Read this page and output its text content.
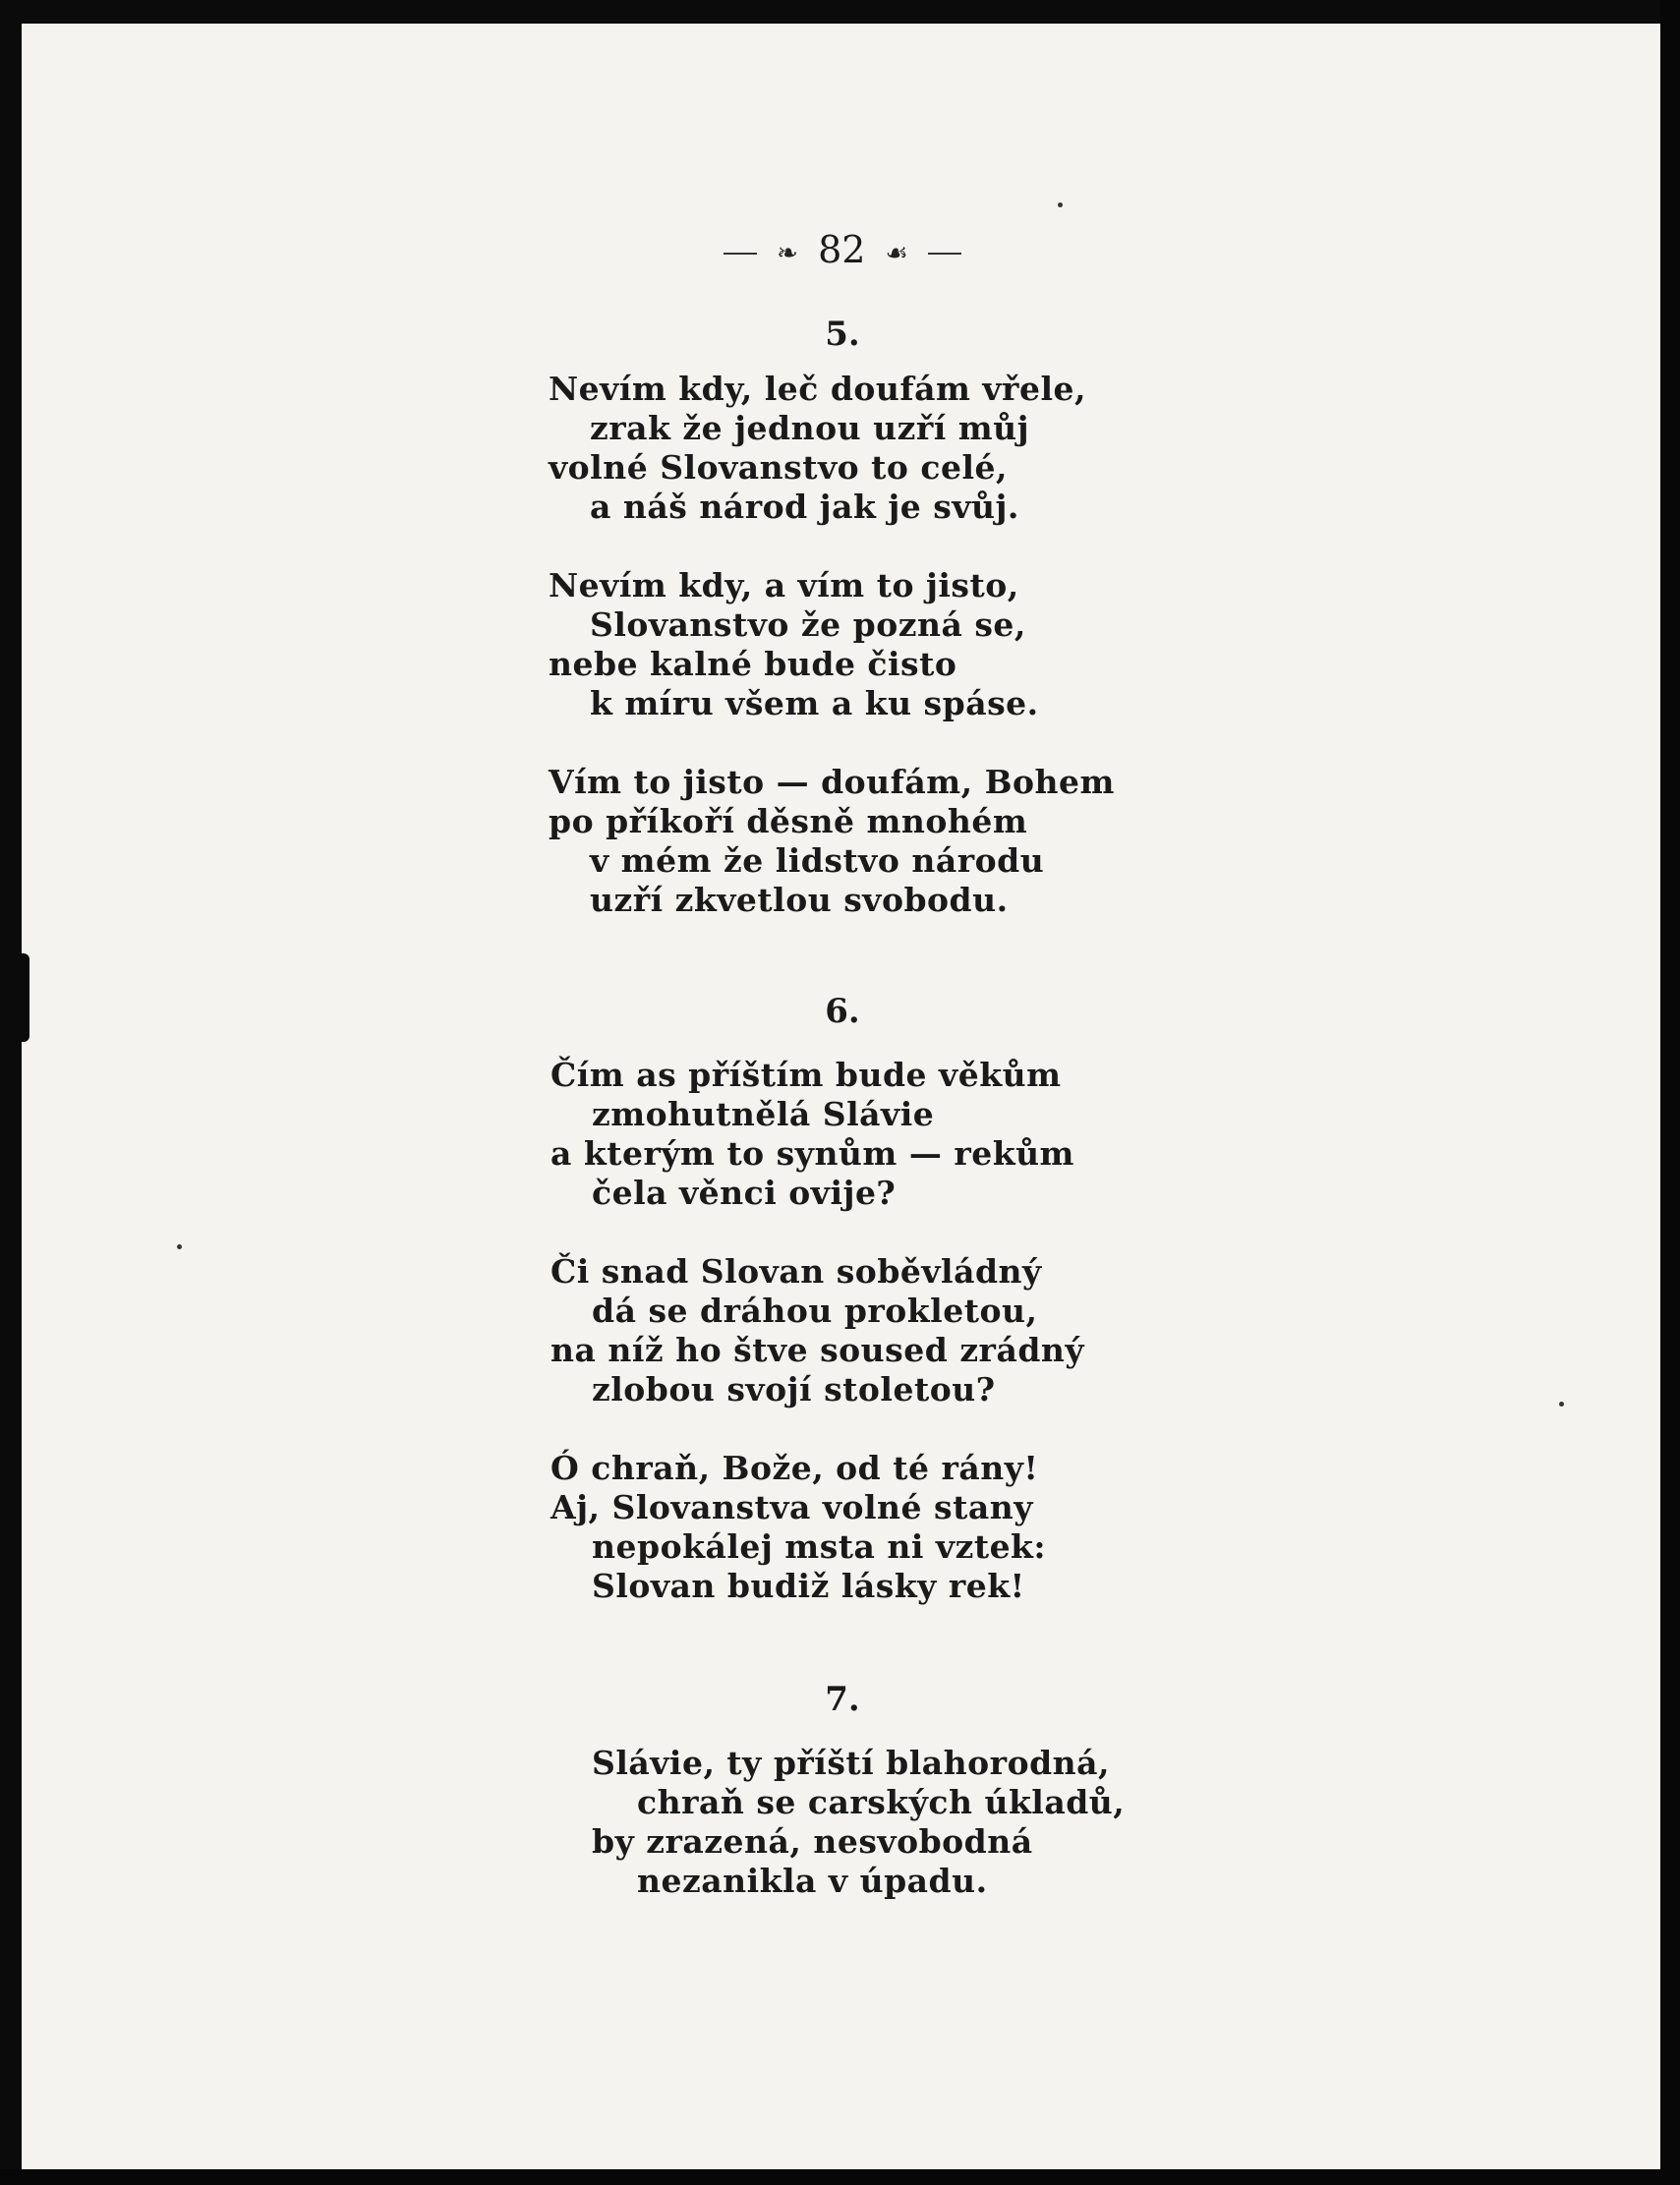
❧ 82 ☙
5.
Nevím kdy, leč doufám vřele,
zrak že jednou uzří můj
volné Slovanstvo to celé,
a náš národ jak je svůj.
Nevím kdy, a vím to jisto,
Slovanstvo že pozná se,
nebe kalné bude čisto
k míru všem a ku spáse.
Vím to jisto — doufám, Bohem
po příkoří děsně mnohém
v mém že lidstvo národu
uzří zkvetlou svobodu.
6.
Čím as příštím bude věkům
zmohutnělá Slávie
a kterým to synům — rekům
čela věnci ovije?
Či snad Slovan soběvládný
dá se dráhou prokletou,
na níž ho štve soused zrádný
zlobou svojí stoletou?
Ó chraň, Bože, od té rány!
Aj, Slovanstva volné stany
nepokálej msta ni vztek:
Slovan budiž lásky rek!
7.
Slávie, ty příští blahorodná,
chraň se carských úkladů,
by zrazená, nesvobodná
nezanikla v úpadu.
